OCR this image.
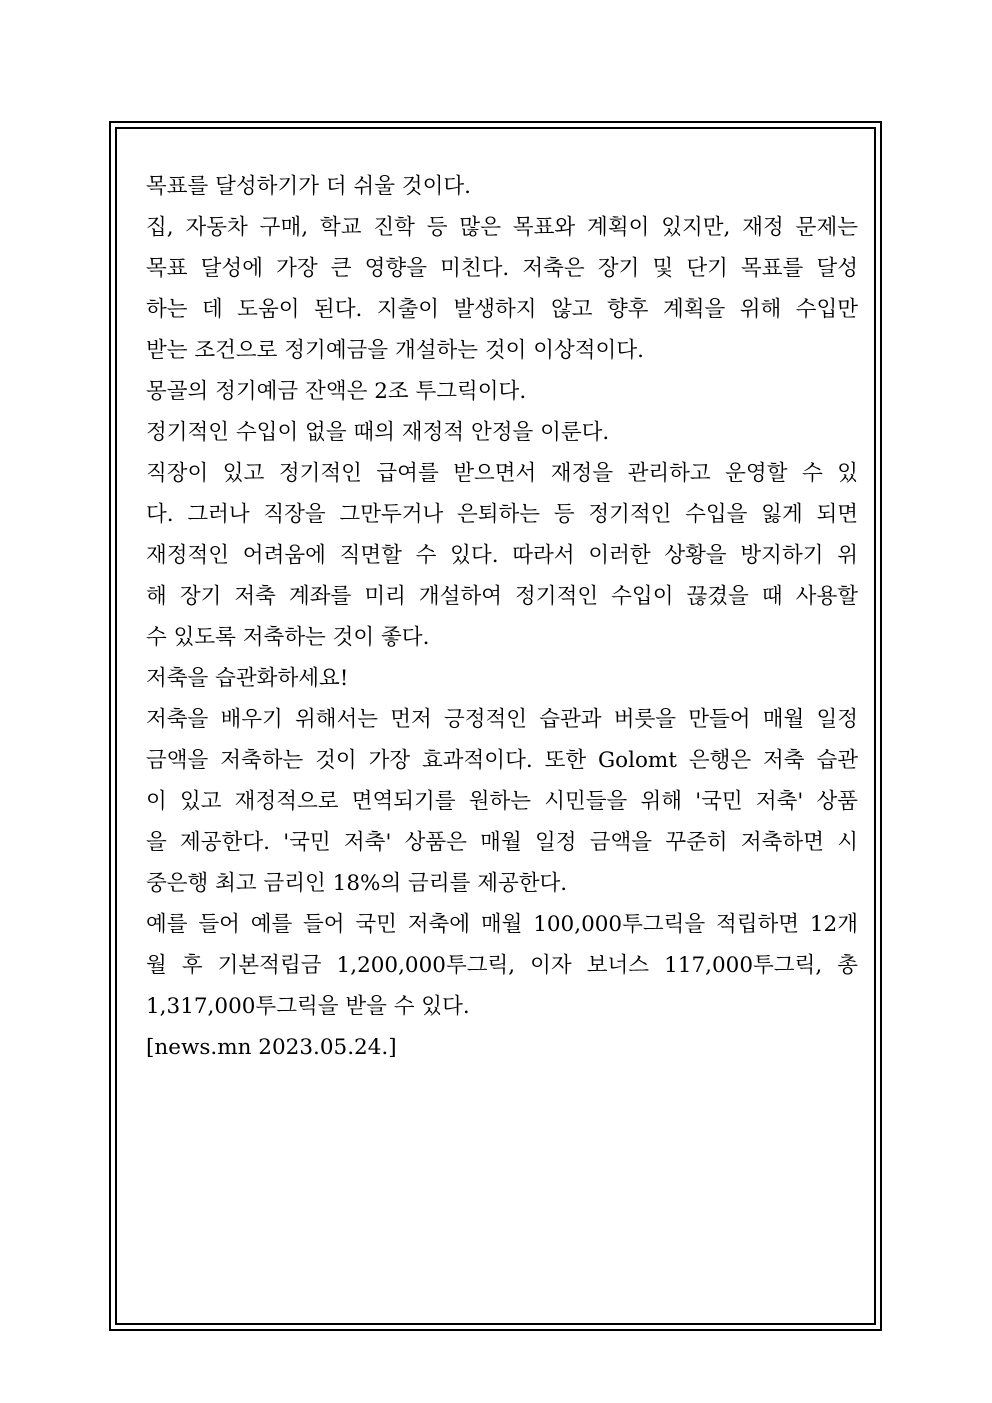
목표를 달성하기가 더 쉬울 것이다.
집, 자동차 구매, 학교 진학 등 많은 목표와 계획이 있지만, 재정 문제는
목표 달성에 가장 큰 영향을 미친다. 저축은 장기 및 단기 목표를 달성
하는 데 도움이 된다. 지출이 발생하지 않고 향후 계획을 위해 수입만
받는 조건으로 정기예금을 개설하는 것이 이상적이다.
몽골의 정기예금 잔액은 2조 투그릭이다.
정기적인 수입이 없을 때의 재정적 안정을 이룬다.
직장이 있고 정기적인 급여를 받으면서 재정을 관리하고 운영할 수 있
다. 그러나 직장을 그만두거나 은퇴하는 등 정기적인 수입을 잃게 되면
재정적인 어려움에 직면할 수 있다. 따라서 이러한 상황을 방지하기 위
해 장기 저축 계좌를 미리 개설하여 정기적인 수입이 끊겼을 때 사용할
수 있도록 저축하는 것이 좋다.
저축을 습관화하세요!
저축을 배우기 위해서는 먼저 긍정적인 습관과 버릇을 만들어 매월 일정
금액을 저축하는 것이 가장 효과적이다. 또한 Golomt 은행은 저축 습관
이 있고 재정적으로 면역되기를 원하는 시민들을 위해 '국민 저축' 상품
을 제공한다. '국민 저축' 상품은 매월 일정 금액을 꾸준히 저축하면 시
중은행 최고 금리인 18%의 금리를 제공한다.
예를 들어 예를 들어 국민 저축에 매월 100,000투그릭을 적립하면 12개
월 후 기본적립금 1,200,000투그릭, 이자 보너스 117,000투그릭, 총
1,317,000투그릭을 받을 수 있다.
[news.mn 2023.05.24.]
